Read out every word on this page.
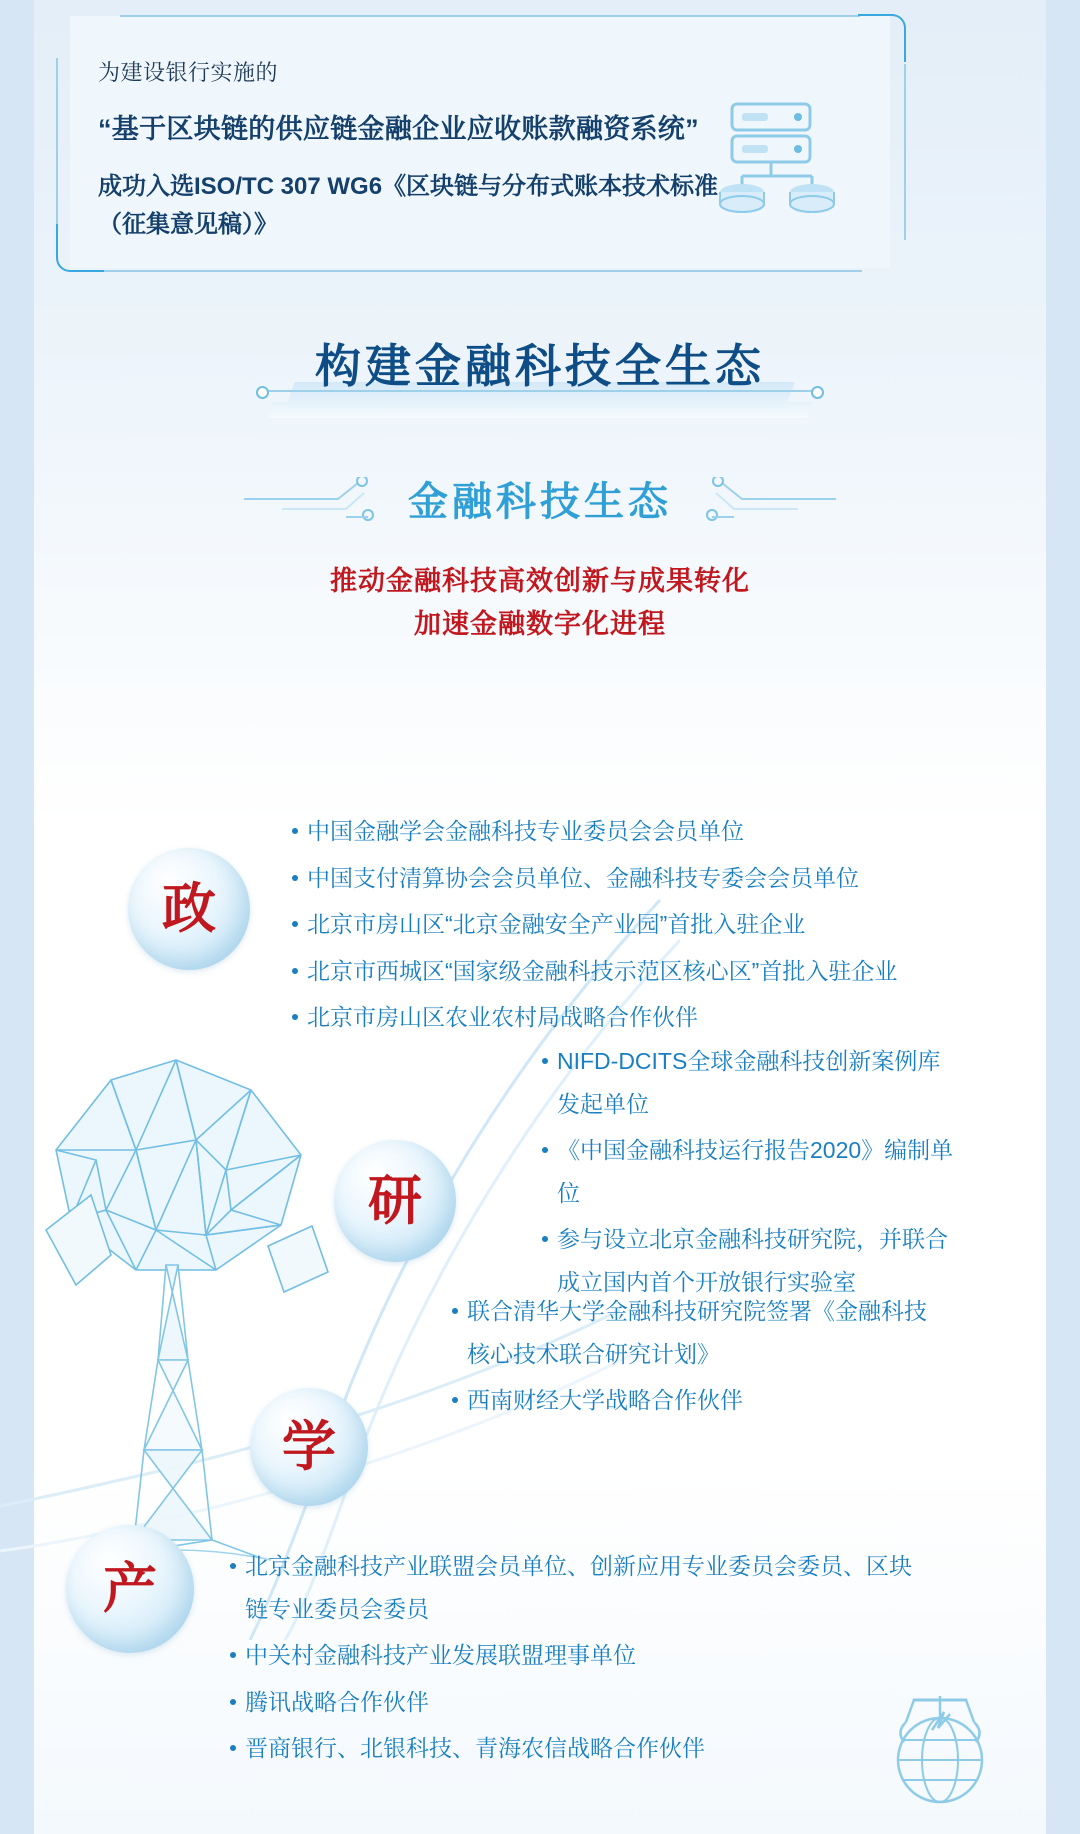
为建设银行实施的
“基于区块链的供应链金融企业应收账款融资系统”
成功入选ISO/TC 307 WG6《区块链与分布式账本技术标准（征集意见稿）》
构建金融科技全生态
金融科技生态
推动金融科技高效创新与成果转化
加速金融数字化进程
政
中国金融学会金融科技专业委员会会员单位
中国支付清算协会会员单位、金融科技专委会会员单位
北京市房山区“北京金融安全产业园”首批入驻企业
北京市西城区“国家级金融科技示范区核心区”首批入驻企业
北京市房山区农业农村局战略合作伙伴
研
NIFD-DCITS全球金融科技创新案例库发起单位
《中国金融科技运行报告2020》编制单位
参与设立北京金融科技研究院，并联合成立国内首个开放银行实验室
学
联合清华大学金融科技研究院签署《金融科技核心技术联合研究计划》
西南财经大学战略合作伙伴
产	北京金融科技产业联盟会员单位、创新应用专业委员会委员、区块链专业委员会委员
中关村金融科技产业发展联盟理事单位
腾讯战略合作伙伴
晋商银行、北银科技、青海农信战略合作伙伴
